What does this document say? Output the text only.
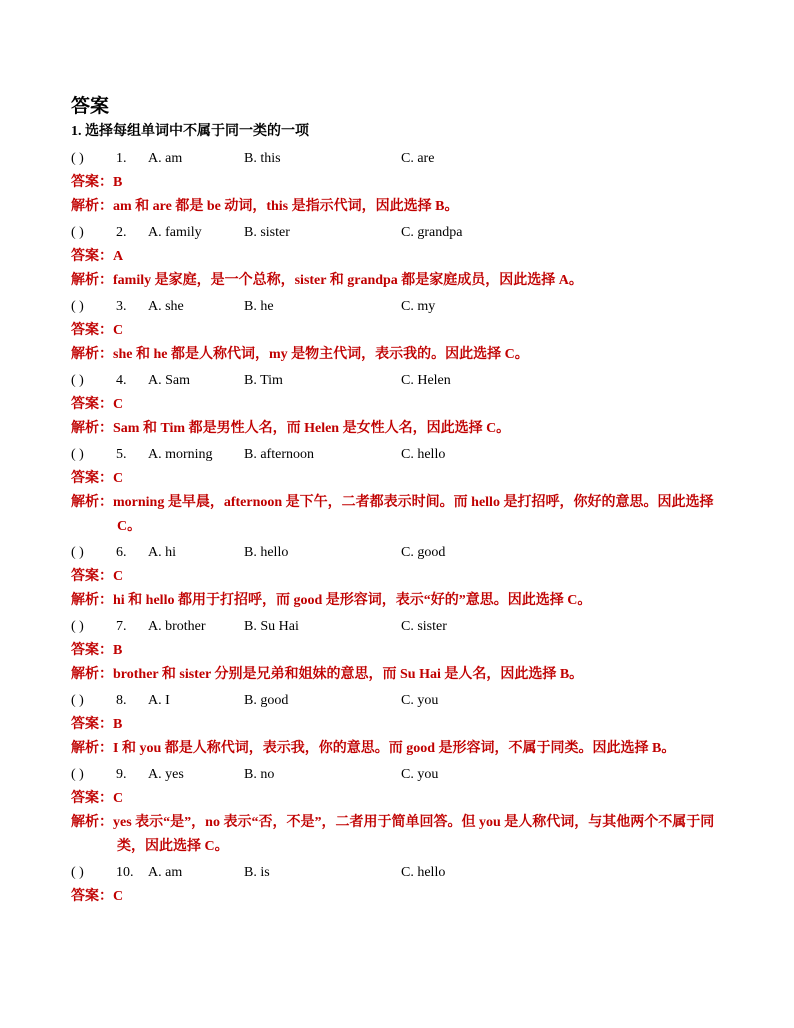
答案
1. 选择每组单词中不属于同一类的一项
( ) 1. A. am	B. this	C. are
答案：B
解析：am 和 are 都是 be 动词，this 是指示代词，因此选择 B。
( ) 2. A. family	B. sister	C. grandpa
答案：A
解析：family 是家庭，是一个总称，sister 和 grandpa 都是家庭成员，因此选择 A。
( ) 3. A. she	B. he	C. my
答案：C
解析：she 和 he 都是人称代词，my 是物主代词，表示我的。因此选择 C。
( ) 4. A. Sam	B. Tim	C. Helen
答案：C
解析：Sam 和 Tim 都是男性人名，而 Helen 是女性人名，因此选择 C。
( ) 5. A. morning B. afternoon	C. hello
答案：C
解析：morning 是早晨，afternoon 是下午，二者都表示时间。而 hello 是打招呼，你好的意思。因此选择 C。
( ) 6. A. hi	B. hello	C. good
答案：C
解析：hi 和 hello 都用于打招呼，而 good 是形容词，表示“好的”意思。因此选择 C。
( ) 7. A. brother	B. Su Hai	C. sister
答案：B
解析：brother 和 sister 分别是兄弟和姐妹的意思，而 Su Hai 是人名，因此选择 B。
( ) 8. A. I	B. good	C. you
答案：B
解析：I 和 you 都是人称代词，表示我，你的意思。而 good 是形容词，不属于同类。因此选择 B。
( ) 9. A. yes	B. no	C. you
答案：C
解析：yes 表示“是”，no 表示“否，不是”，二者用于简单回答。但 you 是人称代词，与其他两个不属于同类，因此选择 C。
( ) 10. A. am	B. is	C. hello
答案：C
